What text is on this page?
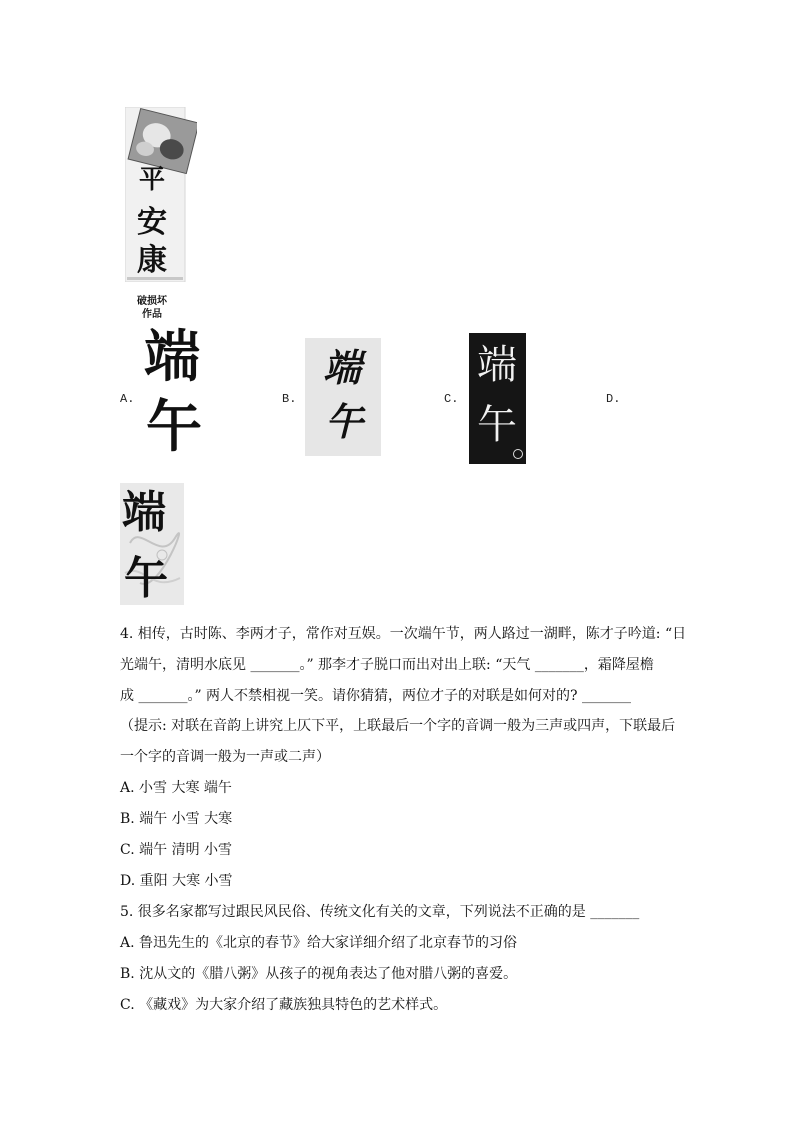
平
安
康
破损坏
作品
A.
端
午	B.
端
午	C.
端
午
D.
端
午
4. 相传，古时陈、李两才子，常作对互娱。一次端午节，两人路过一湖畔，陈才子吟道: “日
光端午，清明水底见 _______。” 那李才子脱口而出对出上联: “天气 _______，霜降屋檐
成 _______。” 两人不禁相视一笑。请你猜猜，两位才子的对联是如何对的? _______
（提示: 对联在音韵上讲究上仄下平，上联最后一个字的音调一般为三声或四声，下联最后
一个字的音调一般为一声或二声）
A. 小雪 大寒 端午
B. 端午 小雪 大寒
C. 端午 清明 小雪
D. 重阳 大寒 小雪
5. 很多名家都写过跟民风民俗、传统文化有关的文章，下列说法不正确的是 _______
A. 鲁迅先生的《北京的春节》给大家详细介绍了北京春节的习俗
B. 沈从文的《腊八粥》从孩子的视角表达了他对腊八粥的喜爱。
C. 《藏戏》为大家介绍了藏族独具特色的艺术样式。
